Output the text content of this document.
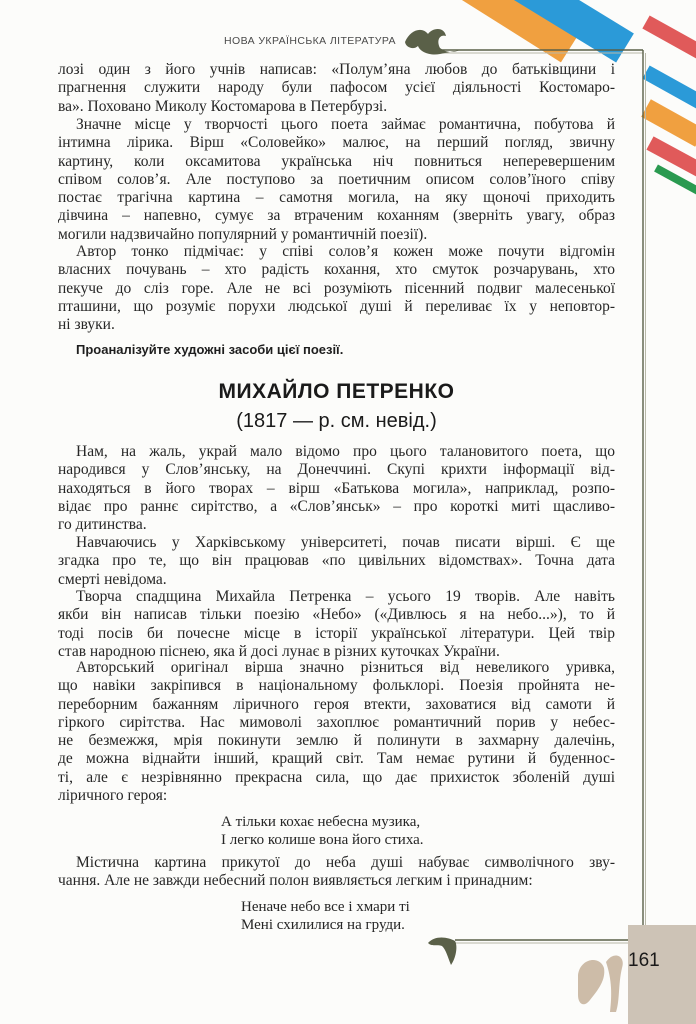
НОВА УКРАЇНСЬКА ЛІТЕРАТУРА
лозі один з його учнів написав: «Полум’яна любов до батьківщини і
прагнення служити народу були пафосом усієї діяльності Костомаро-
ва». Поховано Миколу Костомарова в Петербурзі.
Значне місце у творчості цього поета займає романтична, побутова й
інтимна лірика. Вірш «Соловейко» малює, на перший погляд, звичну
картину, коли оксамитова українська ніч повниться неперевершеним
співом солов’я. Але поступово за поетичним описом солов’їного співу
постає трагічна картина – самотня могила, на яку щоночі приходить
дівчина – напевно, сумує за втраченим коханням (зверніть увагу, образ
могили надзвичайно популярний у романтичній поезії).
Автор тонко підмічає: у співі солов’я кожен може почути відгомін
власних почувань – хто радість кохання, хто смуток розчарувань, хто
пекуче до сліз горе. Але не всі розуміють пісенний подвиг малесенької
пташини, що розуміє порухи людської душі й переливає їх у неповтор-
ні звуки.
Проаналізуйте художні засоби цієї поезії.
МИХАЙЛО ПЕТРЕНКО
(1817 — р. см. невід.)
Нам, на жаль, украй мало відомо про цього талановитого поета, що
народився у Слов’янську, на Донеччині. Скупі крихти інформації від-
находяться в його творах – вірш «Батькова могила», наприклад, розпо-
відає про раннє сирітство, а «Слов’янськ» – про короткі миті щасливо-
го дитинства.
Навчаючись у Харківському університеті, почав писати вірші. Є ще
згадка про те, що він працював «по цивільних відомствах». Точна дата
смерті невідома.
Творча спадщина Михайла Петренка – усього 19 творів. Але навіть
якби він написав тільки поезію «Небо» («Дивлюсь я на небо...»), то й
тоді посів би почесне місце в історії української літератури. Цей твір
став народною піснею, яка й досі лунає в різних куточках України.
Авторський оригінал вірша значно різниться від невеликого уривка,
що навіки закріпився в національному фольклорі. Поезія пройнята не-
переборним бажанням ліричного героя втекти, заховатися від самоти й
гіркого сирітства. Нас мимоволі захоплює романтичний порив у небес-
не безмежжя, мрія покинути землю й полинути в захмарну далечінь,
де можна віднайти інший, кращий світ. Там немає рутини й буденнос-
ті, але є незрівнянно прекрасна сила, що дає прихисток зболеній душі
ліричного героя:
А тільки кохає небесна музика,
І легко колише вона його стиха.
Містична картина прикутої до неба душі набуває символічного зву-
чання. Але не завжди небесний полон виявляється легким і принадним:
Неначе небо все і хмари ті
Мені схилилися на груди.
161
